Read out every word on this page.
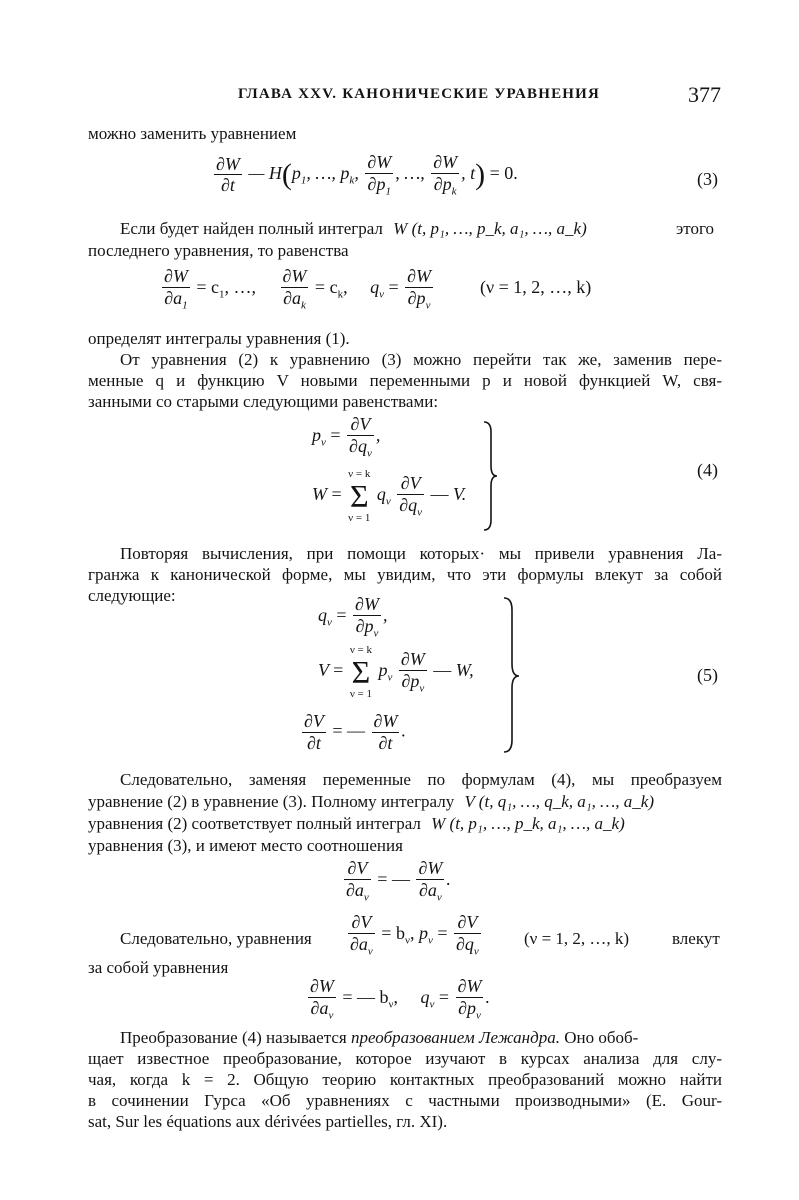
ГЛАВА XXV. КАНОНИЧЕСКИЕ УРАВНЕНИЯ	377
можно заменить уравнением
$\frac{\partial W}{\partial t}$ — $H(p_1$, …, $p_k$, $\frac{\partial W}{\partial p_1}$ , …, $\frac{\partial W}{\partial p_k}$ , t) = 0.	(3)
Если будет найден полный интеграл W (t, p₁, …, p_k, a₁, …, a_k)	этого
последнего уравнения, то равенства
$\frac{\partial W}{\partial a_1} = c_1$, …, $\frac{\partial W}{\partial a_k} = c_k$, $q_\nu = \frac{\partial W}{\partial p_\nu}$	(ν = 1, 2, …, k)
определят интегралы уравнения (1).
От уравнения (2) к уравнению (3) можно перейти так же, заменив пере-
менные q и функцию V новыми переменными p и новой функцией W, свя-
занными со старыми следующими равенствами:
$p_\nu = \frac{\partial V}{\partial q_\nu}$ ,
W =
ν = k
Σ
ν = 1
$q_\nu \frac{\partial V}{\partial q_\nu}$ — V.
(4)
Повторяя вычисления, при помощи которых· мы привели уравнения Ла-
гранжа к канонической форме, мы увидим, что эти формулы влекут за собой
следующие:
$q_\nu = \frac{\partial W}{\partial p_\nu}$ ,
V =
ν = k
Σ
ν = 1
$p_\nu \frac{\partial W}{\partial p_\nu}$ — W,
$\frac{\partial V}{\partial t}$ = — $\frac{\partial W}{\partial t}$ .
(5)
Следовательно, заменяя переменные по формулам (4), мы преобразуем
уравнение (2) в уравнение (3). Полному интегралу V (t, q₁, …, q_k, a₁, …, a_k)
уравнения (2) соответствует полный интеграл W (t, p₁, …, p_k, a₁, …, a_k)
уравнения (3), и имеют место соотношения
$\frac{\partial V}{\partial a_\nu}$ = — $\frac{\partial W}{\partial a_\nu}$ .
Следовательно, уравнения $\frac{\partial V}{\partial a_\nu} = b_\nu$, $p_\nu = \frac{\partial V}{\partial q_\nu}$	(ν = 1, 2, …, k)	влекут
за собой уравнения
$\frac{\partial W}{\partial a_\nu}$ = — $b_\nu$, $q_\nu = \frac{\partial W}{\partial p_\nu}$ .
Преобразование (4) называется преобразованием Лежандра. Оно обоб-
щает известное преобразование, которое изучают в курсах анализа для слу-
чая, когда k = 2. Общую теорию контактных преобразований можно найти
в сочинении Гурса «Об уравнениях с частными производными» (E. Gour-
sat, Sur les équations aux dérivées partielles, гл. XI).
